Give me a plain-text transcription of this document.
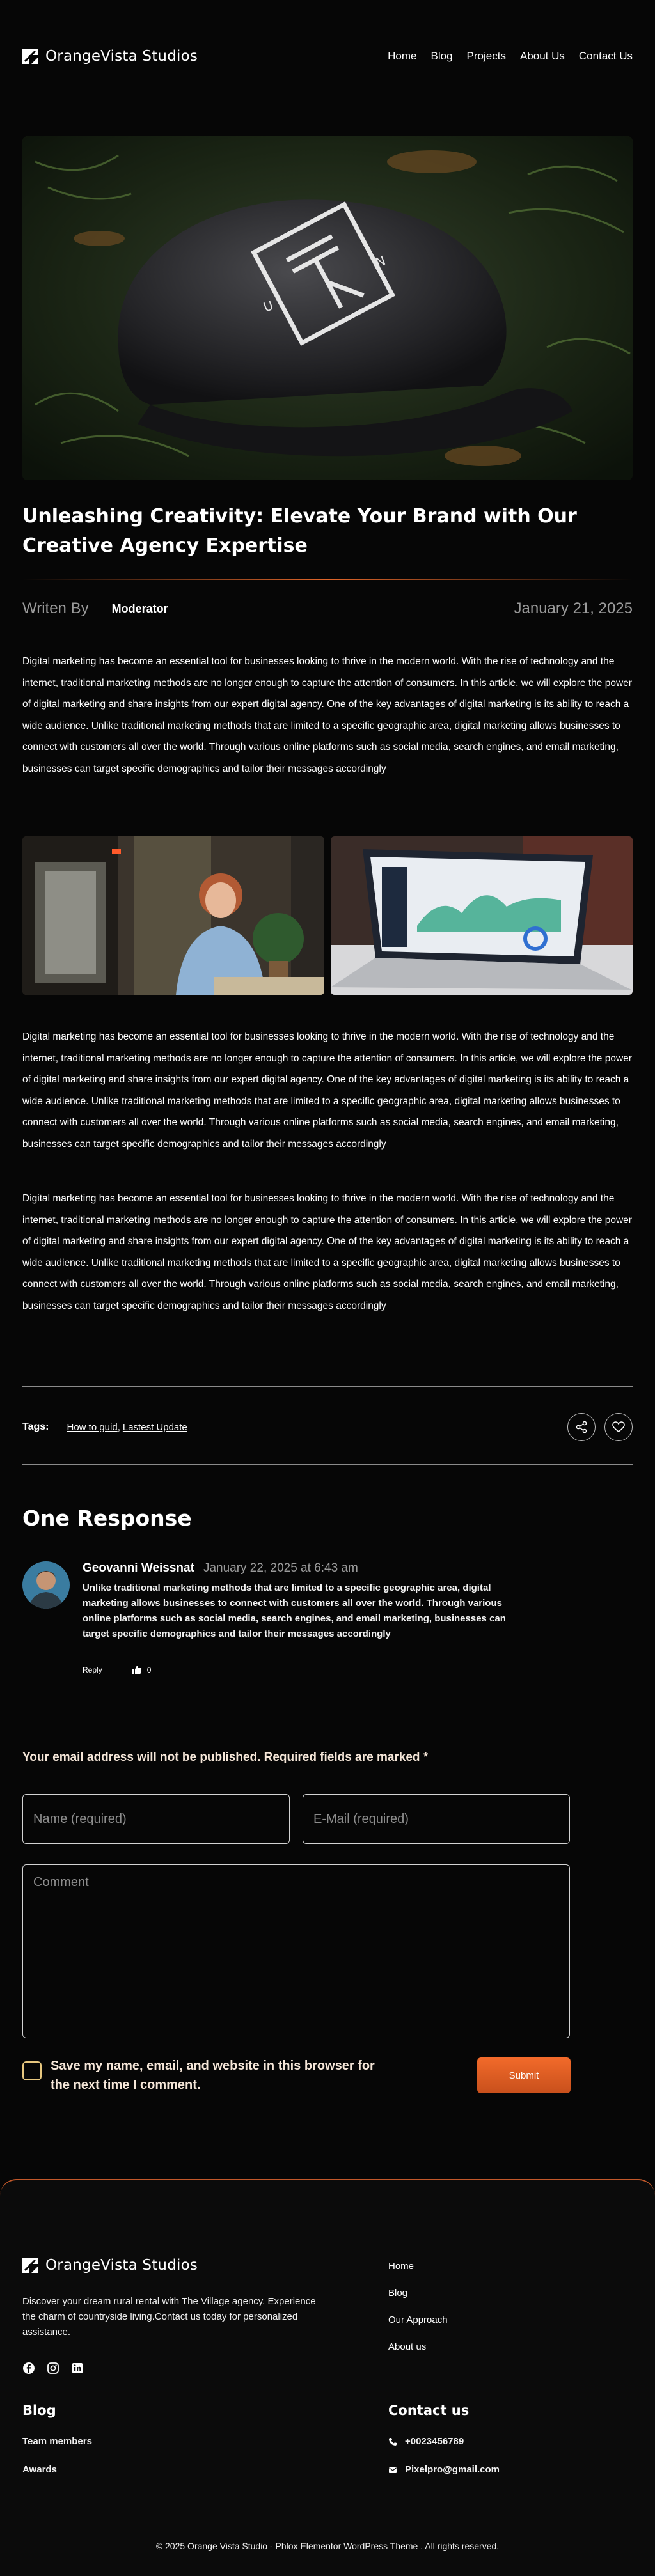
OrangeVista Studios	Home Blog Projects About Us Contact Us
U
N
Unleashing Creativity: Elevate Your Brand with Our Creative Agency Expertise
Writen By Moderator	January 21, 2025

Digital marketing has become an essential tool for businesses looking to thrive in the modern world. With the rise of technology and the internet, traditional marketing methods are no longer enough to capture the attention of consumers. In this article, we will explore the power of digital marketing and share insights from our expert digital agency. One of the key advantages of digital marketing is its ability to reach a wide audience. Unlike traditional marketing methods that are limited to a specific geographic area, digital marketing allows businesses to connect with customers all over the world. Through various online platforms such as social media, search engines, and email marketing, businesses can target specific demographics and tailor their messages accordingly

Digital marketing has become an essential tool for businesses looking to thrive in the modern world. With the rise of technology and the internet, traditional marketing methods are no longer enough to capture the attention of consumers. In this article, we will explore the power of digital marketing and share insights from our expert digital agency. One of the key advantages of digital marketing is its ability to reach a wide audience. Unlike traditional marketing methods that are limited to a specific geographic area, digital marketing allows businesses to connect with customers all over the world. Through various online platforms such as social media, search engines, and email marketing, businesses can target specific demographics and tailor their messages accordingly

Digital marketing has become an essential tool for businesses looking to thrive in the modern world. With the rise of technology and the internet, traditional marketing methods are no longer enough to capture the attention of consumers. In this article, we will explore the power of digital marketing and share insights from our expert digital agency. One of the key advantages of digital marketing is its ability to reach a wide audience. Unlike traditional marketing methods that are limited to a specific geographic area, digital marketing allows businesses to connect with customers all over the world. Through various online platforms such as social media, search engines, and email marketing, businesses can target specific demographics and tailor their messages accordingly

Tags: How to guid , Lastest Update
One Response
Geovanni Weissnat January 22, 2025 at 6:43 am

Unlike traditional marketing methods that are limited to a specific geographic area, digital marketing allows businesses to connect with customers all over the world. Through various online platforms such as social media, search engines, and email marketing, businesses can target specific demographics and tailor their messages accordingly

Reply	0

Your email address will not be published. Required fields are marked *

Name (required)
E-Mail (required)
Comment
Save my name, email, and website in this browser for the next time I comment.
Submit
OrangeVista Studios

Discover your dream rural rental with The Village agency. Experience the charm of countryside living.Contact us today for personalized assistance.

Home
Blog
Our Approach
About us
Blog
Team members
Awards
Contact us
+0023456789
Pixelpro@gmail.com

© 2025 Orange Vista Studio - Phlox Elementor WordPress Theme . All rights reserved.
